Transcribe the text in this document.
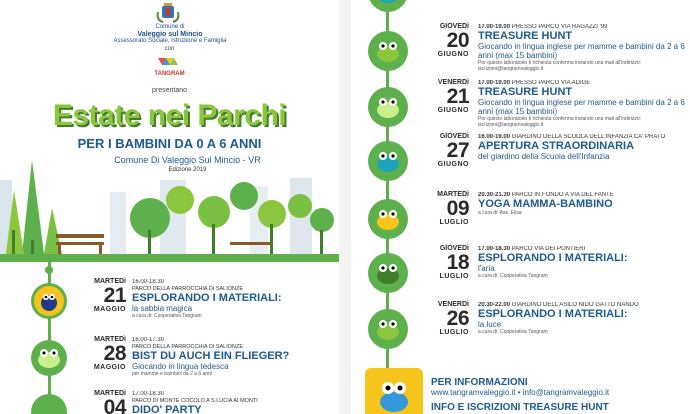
Comune di
Valeggio sul Mincio
Assessorato Sociale, Istruzione e Famiglia
con
TANGRAM
presentano
Estate nei Parchi
PER I BAMBINI DA 0 A 6 ANNI
Comune Di Valeggio Sul Mincio - VR
Edizione 2019
MARTEDì
21
MAGGIO
16.00-18.30
PARCO DELLA PARROCCHIA DI SALIONZE
ESPLORANDO I MATERIALI:
la sabbia magica
a cura di: Cooperativa Tangram
MARTEDì
28
MAGGIO
16.00-17.30
PARCO DELLA PARROCCHIA DI SALIONZE
BIST DU AUCH EIN FLIEGER?
Giocando in lingua tedesca
per mamme e bambini da 2 a 6 anni
MARTEDì
04
17.00-18.30
PARCO DI MONTE COCOLO A S.LUCIA AI MONTI
DIDO' PARTY
GIOVEDì
20
GIUGNO
17.00-19.00 PRESSO PARCO VIA RAGAZZI '99
TREASURE HUNT
Giocando in lingua inglese per mamme e bambini da 2 a 6 anni (max 15 bambini)
Per questo laboratorio è richiesta conferma inviando una mail all'indirizzo: iscrizioni@tangramvaleggio.it
VENERDì
21
GIUGNO
17.00-19.00 PRESSO PARCO VIA ADIGE
TREASURE HUNT
Giocando in lingua inglese per mamme e bambini da 2 a 6 anni (max 15 bambini)
Per questo laboratorio è richiesta conferma inviando una mail all'indirizzo: iscrizioni@tangramvaleggio.it
GIOVEDì
27
GIUGNO
16.00-19.00 GIARDINO DELLA SCUOLA DELL'INFANZIA CA' PRATO
APERTURA STRAORDINARIA
del giardino della Scuola dell'Infanzia
MARTEDì
09
LUGLIO
20.30-21.30 PARCO IN FONDO A VIA DEL FANTE
YOGA MAMMA-BAMBINO
a cura di: Ass. Elisa
GIOVEDì
18
LUGLIO
17.00-18.30 PARCO VIA DEI PONTIERI
ESPLORANDO I MATERIALI:
l'aria
a cura di: Cooperativa Tangram
VENERDì
26
LUGLIO
20.30-22.00 GIARDINO DELL'ASILO NIDO GATTO NANDO
ESPLORANDO I MATERIALI:
la luce
a cura di: Cooperativa Tangram
PER INFORMAZIONI
www.tangramvaleggio.it • info@tangramvaleggio.it
INFO E ISCRIZIONI TREASURE HUNT
